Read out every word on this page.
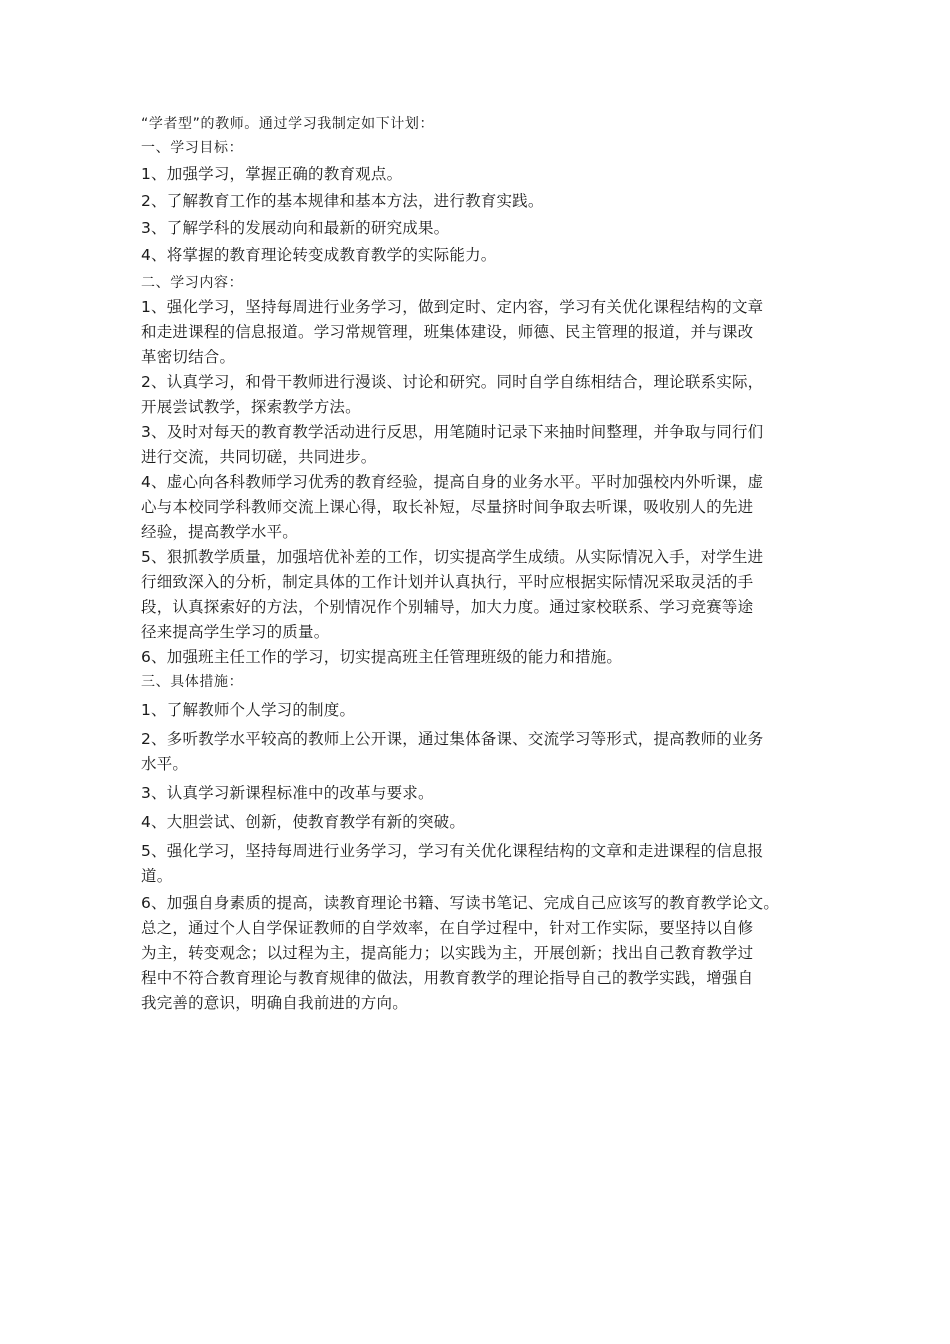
“学者型”的教师。通过学习我制定如下计划：

一、学习目标：

1、加强学习，掌握正确的教育观点。

2、了解教育工作的基本规律和基本方法，进行教育实践。

3、了解学科的发展动向和最新的研究成果。

4、将掌握的教育理论转变成教育教学的实际能力。

二、学习内容：

1、强化学习，坚持每周进行业务学习，做到定时、定内容，学习有关优化课程结构的文章

和走进课程的信息报道。学习常规管理，班集体建设，师德、民主管理的报道，并与课改

革密切结合。

2、认真学习，和骨干教师进行漫谈、讨论和研究。同时自学自练相结合，理论联系实际，

开展尝试教学，探索教学方法。

3、及时对每天的教育教学活动进行反思，用笔随时记录下来抽时间整理，并争取与同行们

进行交流，共同切磋，共同进步。

4、虚心向各科教师学习优秀的教育经验，提高自身的业务水平。平时加强校内外听课，虚

心与本校同学科教师交流上课心得，取长补短，尽量挤时间争取去听课，吸收别人的先进

经验，提高教学水平。

5、狠抓教学质量，加强培优补差的工作，切实提高学生成绩。从实际情况入手，对学生进

行细致深入的分析，制定具体的工作计划并认真执行，平时应根据实际情况采取灵活的手

段，认真探索好的方法，个别情况作个别辅导，加大力度。通过家校联系、学习竞赛等途

径来提高学生学习的质量。

6、加强班主任工作的学习，切实提高班主任管理班级的能力和措施。

三、具体措施：

1、了解教师个人学习的制度。

2、多听教学水平较高的教师上公开课，通过集体备课、交流学习等形式，提高教师的业务

水平。

3、认真学习新课程标准中的改革与要求。

4、大胆尝试、创新，使教育教学有新的突破。

5、强化学习，坚持每周进行业务学习，学习有关优化课程结构的文章和走进课程的信息报

道。

6、加强自身素质的提高，读教育理论书籍、写读书笔记、完成自己应该写的教育教学论文。

总之，通过个人自学保证教师的自学效率，在自学过程中，针对工作实际，要坚持以自修

为主，转变观念；以过程为主，提高能力；以实践为主，开展创新；找出自己教育教学过

程中不符合教育理论与教育规律的做法，用教育教学的理论指导自己的教学实践，增强自

我完善的意识，明确自我前进的方向。
